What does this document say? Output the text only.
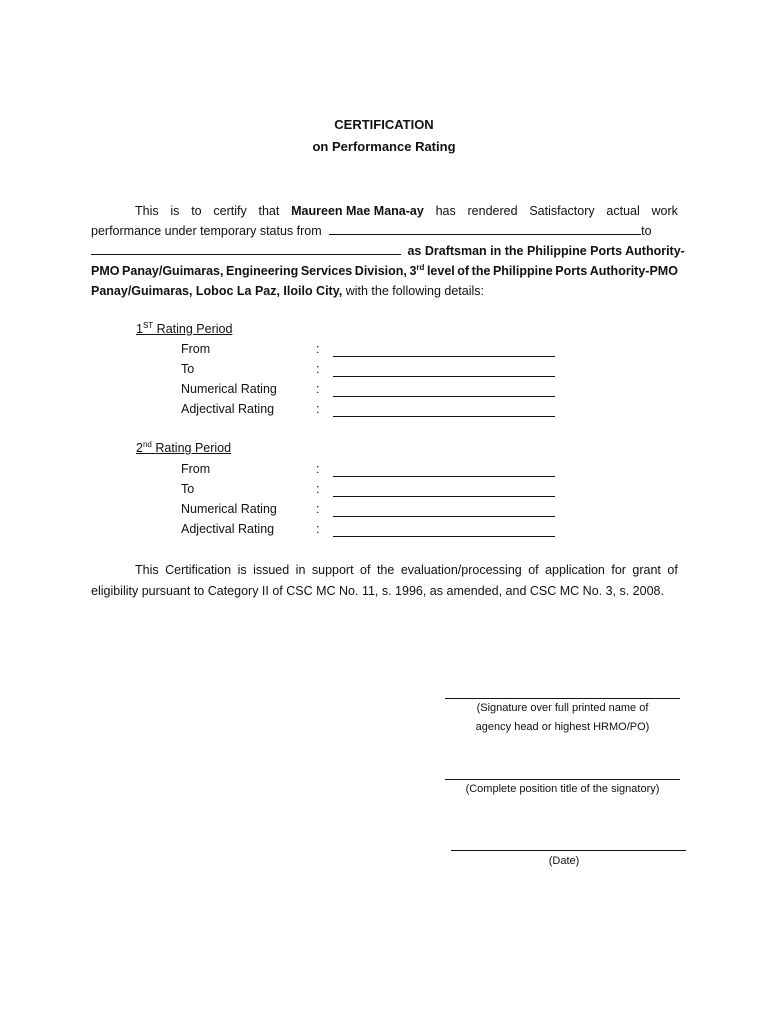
CERTIFICATION
on Performance Rating
This is to certify that Maureen Mae Mana-ay has rendered Satisfactory actual work
performance under temporary status from	to
as Draftsman in the Philippine Ports Authority-
PMO Panay/Guimaras, Engineering Services Division, 3rd level of the Philippine Ports Authority-PMO
Panay/Guimaras, Loboc La Paz, Iloilo City, with the following details:
1ST Rating Period
From	:
To	:
Numerical Rating	:
Adjectival Rating	:
2nd Rating Period
From	:
To	:
Numerical Rating	:
Adjectival Rating	:
This Certification is issued in support of the evaluation/processing of application for grant of
eligibility pursuant to Category II of CSC MC No. 11, s. 1996, as amended, and CSC MC No. 3, s. 2008.
(Signature over full printed name of
agency head or highest HRMO/PO)
(Complete position title of the signatory)
(Date)
